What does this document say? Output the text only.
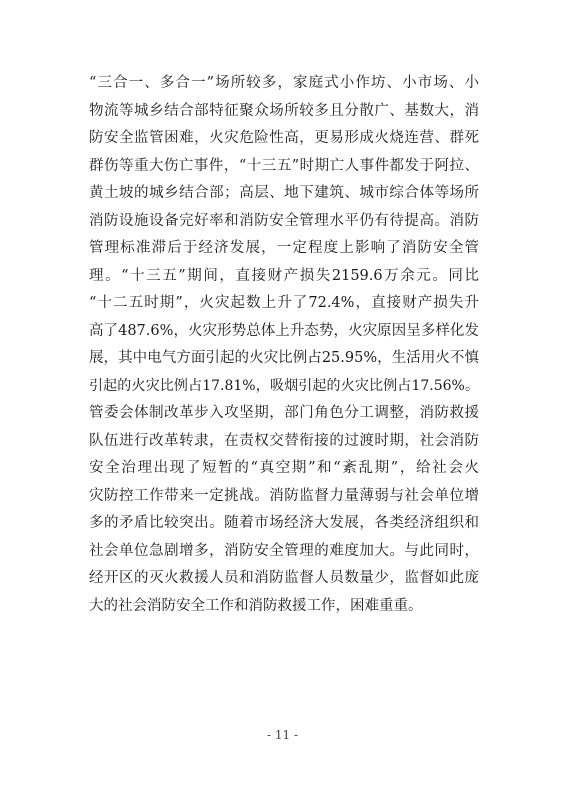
“三合一、多合一”场所较多，家庭式小作坊、小市场、小
物流等城乡结合部特征聚众场所较多且分散广、基数大，消
防安全监管困难，火灾危险性高，更易形成火烧连营、群死
群伤等重大伤亡事件，“十三五”时期亡人事件都发于阿拉、
黄土坡的城乡结合部；高层、地下建筑、城市综合体等场所
消防设施设备完好率和消防安全管理水平仍有待提高。消防
管理标准滞后于经济发展，一定程度上影响了消防安全管
理。“十三五”期间，直接财产损失2159.6万余元。同比
“十二五时期”，火灾起数上升了72.4%，直接财产损失升
高了487.6%，火灾形势总体上升态势，火灾原因呈多样化发
展，其中电气方面引起的火灾比例占25.95%，生活用火不慎
引起的火灾比例占17.81%，吸烟引起的火灾比例占17.56%。
管委会体制改革步入攻坚期，部门角色分工调整，消防救援
队伍进行改革转隶，在责权交替衔接的过渡时期，社会消防
安全治理出现了短暂的“真空期”和“紊乱期”，给社会火
灾防控工作带来一定挑战。消防监督力量薄弱与社会单位增
多的矛盾比较突出。随着市场经济大发展，各类经济组织和
社会单位急剧增多，消防安全管理的难度加大。与此同时，
经开区的灭火救援人员和消防监督人员数量少，监督如此庞
大的社会消防安全工作和消防救援工作，困难重重。
- 11 -
